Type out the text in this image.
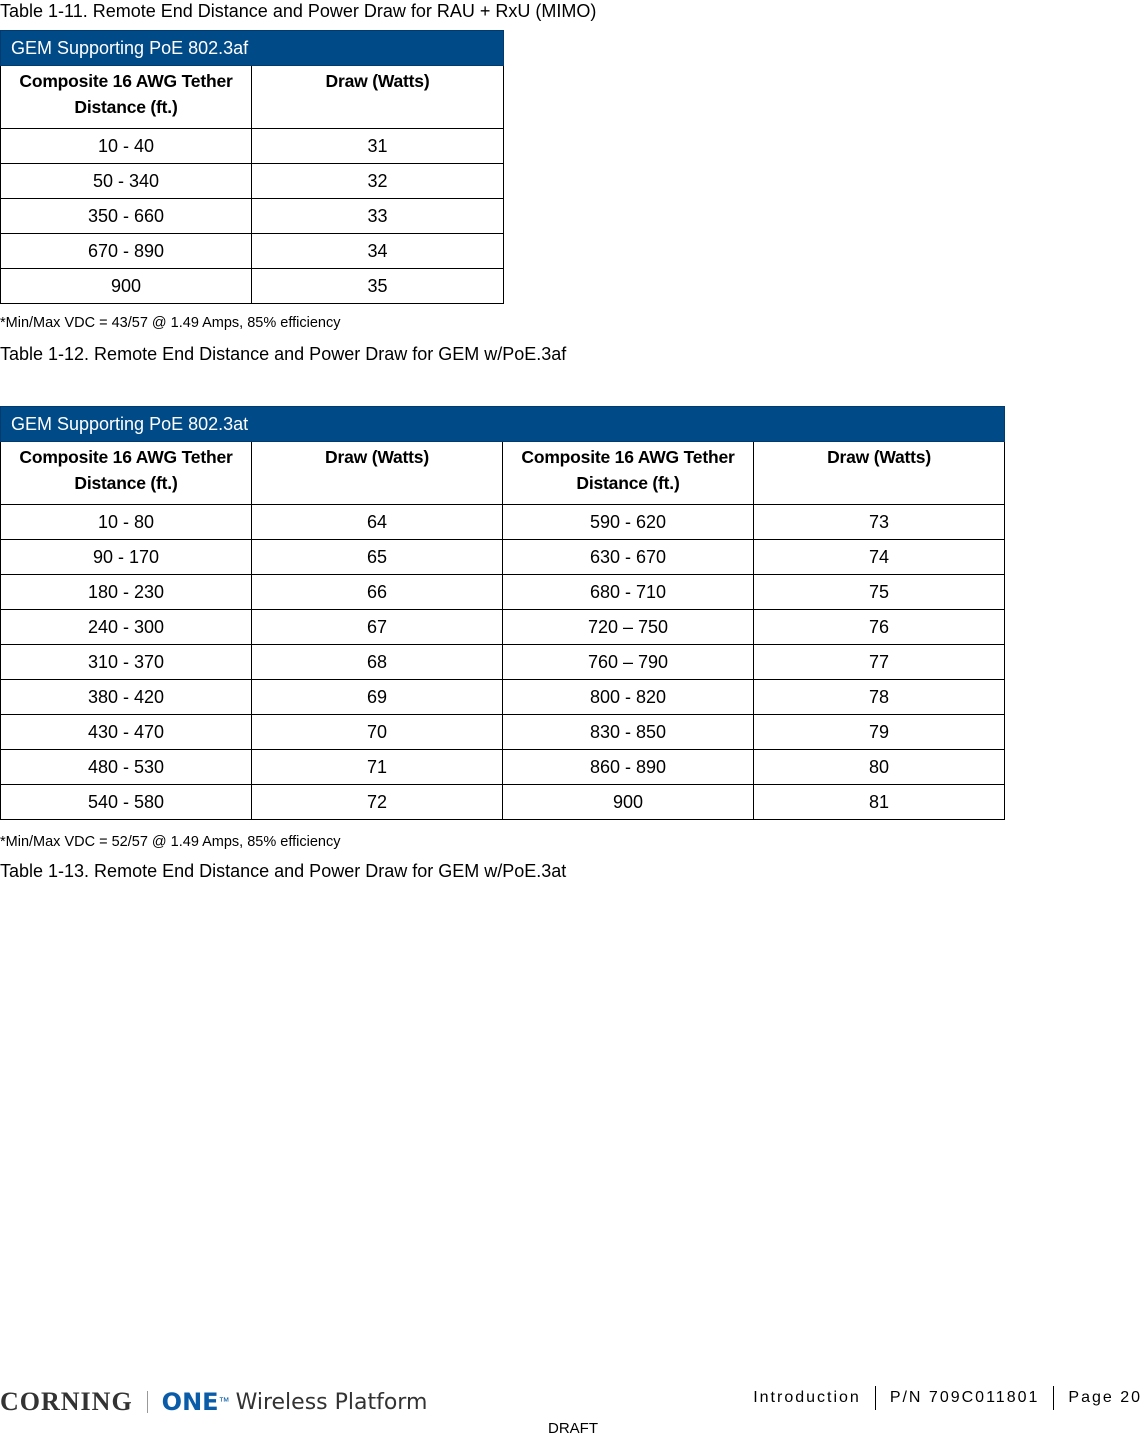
Table 1-11. Remote End Distance and Power Draw for RAU + RxU (MIMO)
GEM Supporting PoE 802.3af	
Composite 16 AWG Tether Distance (ft.)	Draw (Watts)
10 - 40	31
50 - 340	32
350 - 660	33
670 - 890	34
900	35
*Min/Max VDC = 43/57 @ 1.49 Amps, 85% efficiency
Table 1-12. Remote End Distance and Power Draw for GEM w/PoE.3af
GEM Supporting PoE 802.3at			
Composite 16 AWG Tether Distance (ft.)	Draw (Watts)	Composite 16 AWG Tether Distance (ft.)	Draw (Watts)
10 - 80	64	590 - 620	73
90 - 170	65	630 - 670	74
180 - 230	66	680 - 710	75
240 - 300	67	720 – 750	76
310 - 370	68	760 – 790	77
380 - 420	69	800 - 820	78
430 - 470	70	830 - 850	79
480 - 530	71	860 - 890	80
540 - 580	72	900	81
*Min/Max VDC = 52/57 @ 1.49 Amps, 85% efficiency
Table 1-13. Remote End Distance and Power Draw for GEM w/PoE.3at
CORNING ONE ™ Wireless Platform	Introduction	P/N 709C011801	Page 20
DRAFT
